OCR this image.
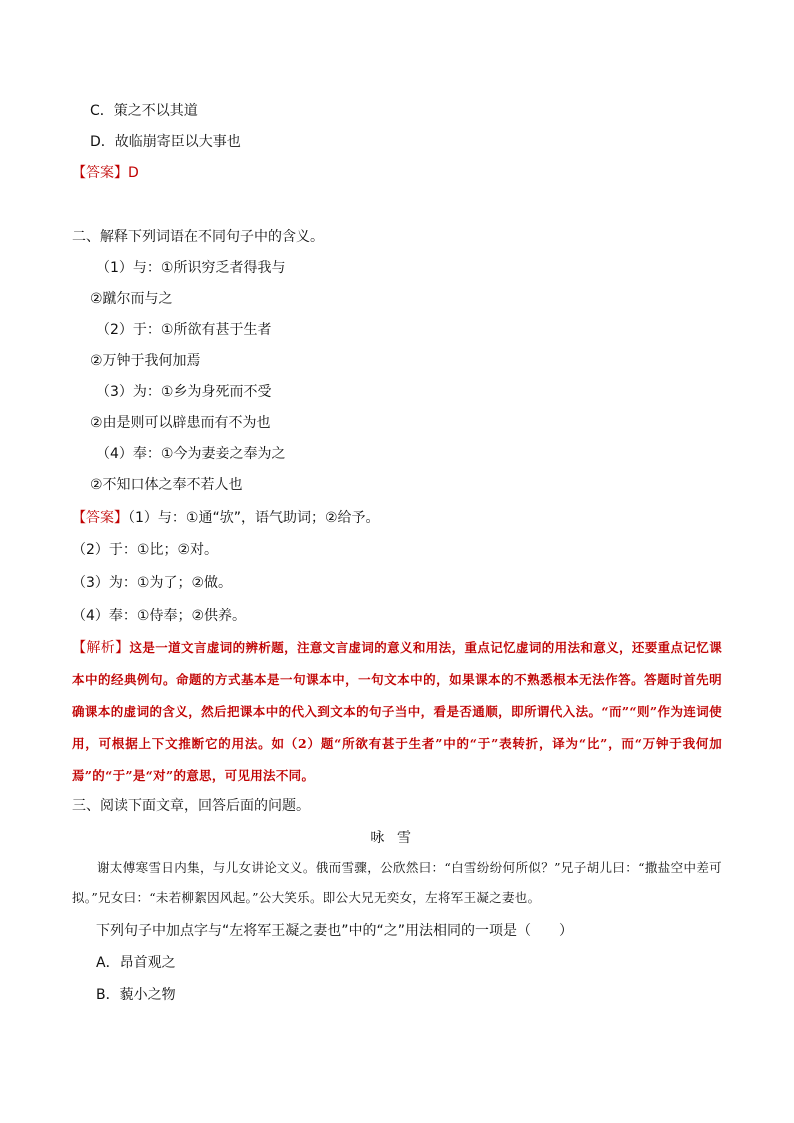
C．策之不以其道
D．故临崩寄臣以大事也
【答案】D
二、解释下列词语在不同句子中的含义。
（1）与：①所识穷乏者得我与
②蹴尔而与之
（2）于：①所欲有甚于生者
②万钟于我何加焉
（3）为：①乡为身死而不受
②由是则可以辟患而有不为也
（4）奉：①今为妻妾之奉为之
②不知口体之奉不若人也
【答案】（1）与：①通“欤”，语气助词；②给予。
（2）于：①比；②对。
（3）为：①为了；②做。
（4）奉：①侍奉；②供养。
【解析】这是一道文言虚词的辨析题，注意文言虚词的意义和用法，重点记忆虚词的用法和意义，还要重点记忆课本中的经典例句。命题的方式基本是一句课本中，一句文本中的，如果课本的不熟悉根本无法作答。答题时首先明确课本的虚词的含义，然后把课本中的代入到文本的句子当中，看是否通顺，即所谓代入法。“而”“则”作为连词使用，可根据上下文推断它的用法。如（2）题“所欲有甚于生者”中的“于”表转折，译为“比”，而“万钟于我何加焉”的“于”是“对”的意思，可见用法不同。
三、阅读下面文章，回答后面的问题。
咏雪
谢太傅寒雪日内集，与儿女讲论文义。俄而雪骤，公欣然曰：“白雪纷纷何所似？”兄子胡儿曰：“撒盐空中差可拟。”兄女曰：“未若柳絮因风起。”公大笑乐。即公大兄无奕女，左将军王凝之妻也。
下列句子中加点字与“左将军王凝之妻也”中的“之”用法相同的一项是（　　）
A．昂首观之
B．藐小之物
